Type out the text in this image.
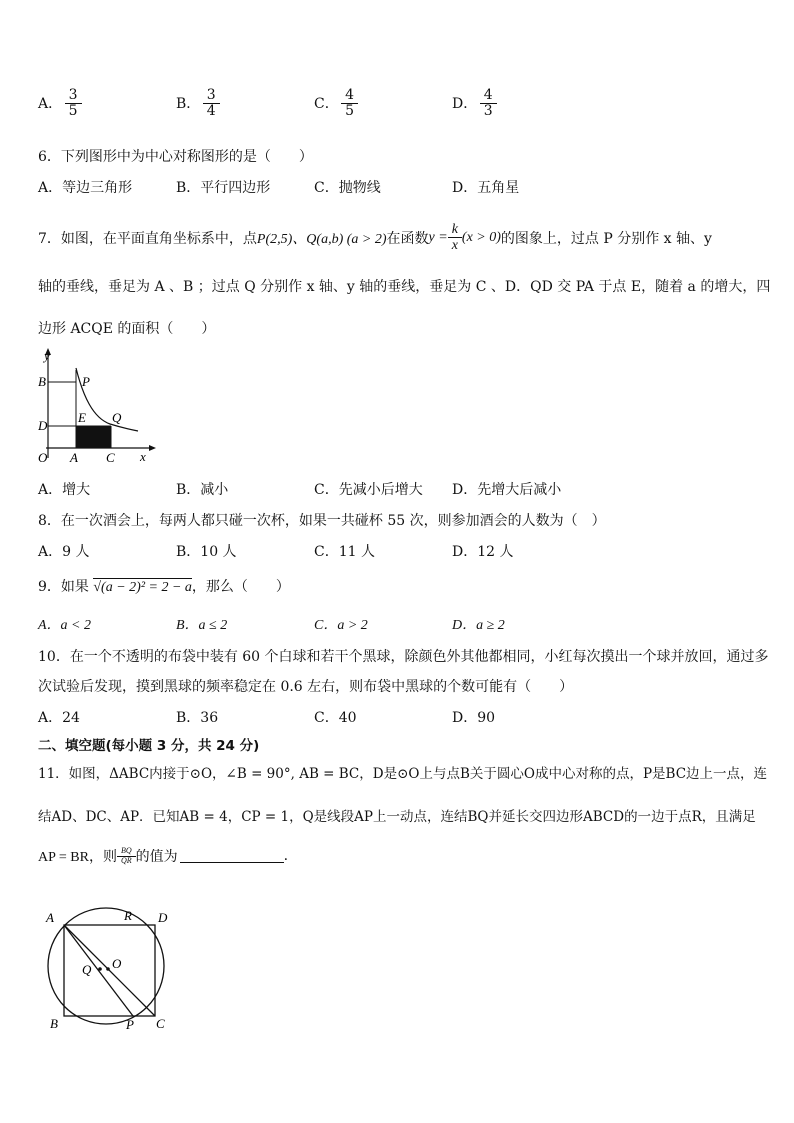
A． $\frac{3}{5}$	B． $\frac{3}{4}$	C． $\frac{4}{5}$	D． $\frac{4}{3}$
6．下列图形中为中心对称图形的是（　　）
A．等边三角形	B．平行四边形	C．抛物线	D．五角星
7．如图，在平面直角坐标系中，点 P(2,5)、Q(a,b) (a > 2) 在函数 $y = \frac{k}{x} (x > 0)$ 的图象上，过点 P 分别作 x 轴、y
轴的垂线，垂足为 A 、B ；过点 Q 分别作 x 轴、y 轴的垂线，垂足为 C 、D．QD 交 PA 于点 E，随着 a 的增大，四
边形 ACQE 的面积（　　）
y
x
O A C
B	P
D
E Q
A．增大	B．减小	C．先减小后增大 D．先增大后减小
8．在一次酒会上，每两人都只碰一次杯，如果一共碰杯 55 次，则参加酒会的人数为（　）
A．9 人	B．10 人	C．11 人	D．12 人
9．如果 √(a − 2)² = 2 − a，那么（　　）
A．a < 2	B．a ≤ 2	C．a > 2	D．a ≥ 2
10．在一个不透明的布袋中装有 60 个白球和若干个黑球，除颜色外其他都相同，小红每次摸出一个球并放回，通过多
次试验后发现，摸到黑球的频率稳定在 0.6 左右，则布袋中黑球的个数可能有（　　）
A．24	B．36	C．40	D．90
二、填空题(每小题 3 分，共 24 分)
11．如图，ΔABC内接于⊙O，∠B = 90°, AB = BC，D是⊙O上与点B关于圆心O成中心对称的点，P是BC边上一点，连
结AD、DC、AP．已知AB = 4，CP = 1，Q是线段AP上一动点，连结BQ并延长交四边形ABCD的一边于点R，且满足
AP = BR，则 $\frac{BQ}{QR}$ 的值为	.
A	R D
Q O
B	P C
